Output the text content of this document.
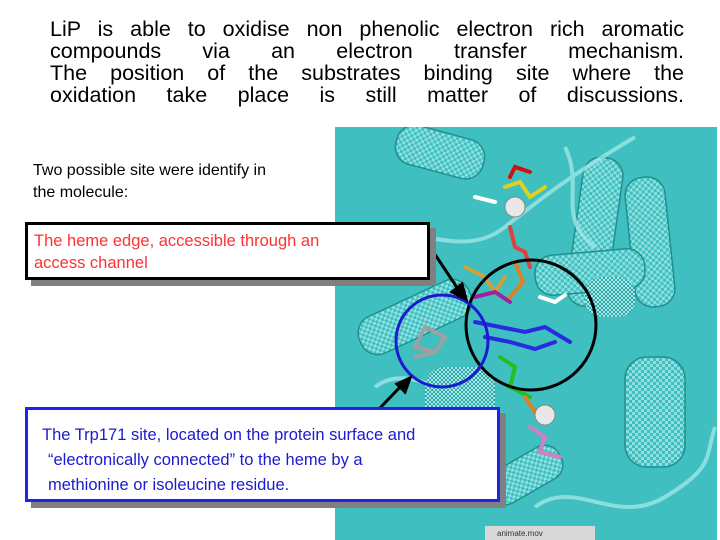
LiP is able to oxidise non phenolic electron rich aromatic
compounds via an electron transfer mechanism.
The position of the substrates binding site where the
oxidation take place is still matter of discussions.
Two possible site were identify in
the molecule:
animate.mov
The heme edge, accessible through an
access channel
The Trp171 site, located on the protein surface and
“electronically connected” to the heme by a
methionine or isoleucine residue.
